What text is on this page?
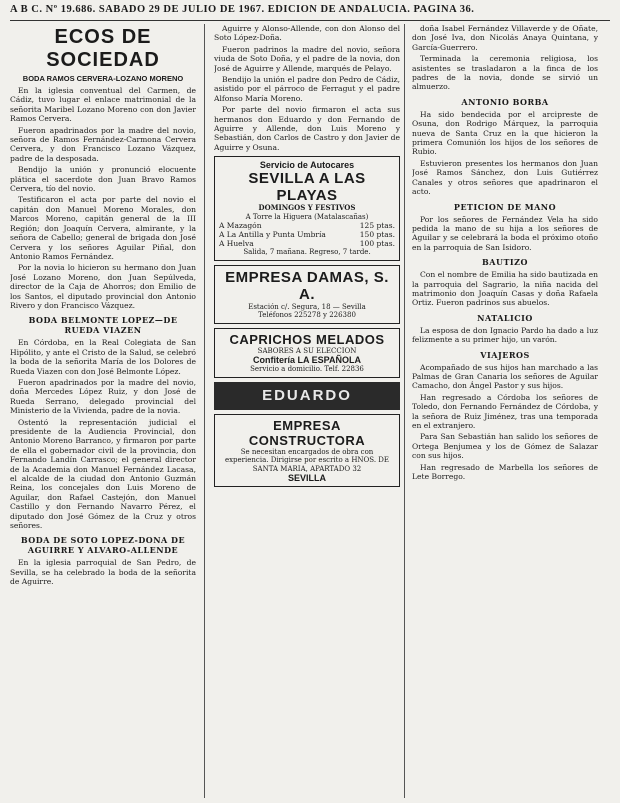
A B C. Nº 19.686. SABADO 29 DE JULIO DE 1967. EDICION DE ANDALUCIA. PAGINA 36.
ECOS DE SOCIEDAD
BODA RAMOS CERVERA-LOZANO MORENO

En la iglesia conventual del Carmen, de Cádiz, tuvo lugar el enlace matrimonial de la señorita Maribel Lozano Moreno con don Javier Ramos Cervera.

Fueron apadrinados por la madre del novio, señora de Ramos Fernández-Carmona Cervera Cervera, y don Francisco Lozano Vázquez, padre de la desposada.

Bendijo la unión y pronunció elocuente plática el sacerdote don Juan Bravo Ramos Cervera, tío del novio.

Testificaron el acta por parte del novio el capitán don Manuel Moreno Morales, don Marcos Moreno, capitán general de la III Región; don Joaquín Cervera, almirante, y la señora de Cabello; general de brigada don José Cervera y los señores Aguilar Piñal, don Antonio Ramos Fernández.

Por la novia lo hicieron su hermano don Juan José Lozano Moreno, don Juan Sepúlveda, director de la Caja de Ahorros; don Emilio de los Santos, el diputado provincial don Antonio Rivero y don Francisco Vázquez.

BODA BELMONTE LOPEZ—DE RUEDA VIAZEN

En Córdoba, en la Real Colegiata de San Hipólito, y ante el Cristo de la Salud, se celebró la boda de la señorita María de los Dolores de Rueda Viazen con don José Belmonte López.

Fueron apadrinados por la madre del novio, doña Mercedes López Ruiz, y don José de Rueda Serrano, delegado provincial del Ministerio de la Vivienda, padre de la novia.

Ostentó la representación judicial el presidente de la Audiencia Provincial, don Antonio Moreno Barranco, y firmaron por parte de ella el gobernador civil de la provincia, don Fernando Landín Carrasco; el general director de la Academia don Manuel Fernández Lacasa, el alcalde de la ciudad don Antonio Guzmán Reina, los concejales don Luis Moreno de Aguilar, don Rafael Castejón, don Manuel Castillo y don Fernando Navarro Pérez, el diputado don José Gómez de la Cruz y otros señores.

BODA DE SOTO LOPEZ-DONA DE AGUIRRE Y ALVARO-ALLENDE

En la iglesia parroquial de San Pedro, de Sevilla, se ha celebrado la boda de la señorita de Aguirre.

Aguirre y Alonso-Allende, con don Alonso del Soto López-Doña.

Fueron padrinos la madre del novio, señora viuda de Soto Doña, y el padre de la novia, don José de Aguirre y Allende, marqués de Pelayo.

Bendijo la unión el padre don Pedro de Cádiz, asistido por el párroco de Ferragut y el padre Alfonso María Moreno.

Por parte del novio firmaron el acta sus hermanos don Eduardo y don Fernando de Aguirre y Allende, don Luis Moreno y Sebastián, don Carlos de Castro y don Javier de Aguirre y Osuna.

Servicio de Autocares
SEVILLA A LAS PLAYAS
DOMINGOS Y FESTIVOS
A Torre la Higuera (Matalascañas)
A Mazagón	125 ptas.
A La Antilla y Punta Umbría	150 ptas.
A Huelva	100 ptas.
Salida, 7 mañana. Regreso, 7 tarde.
EMPRESA DAMAS, S. A.
Estación c/. Segura, 18 — Sevilla
Teléfonos 225278 y 226380
CAPRICHOS MELADOS
SABORES A SU ELECCION
Confitería LA ESPAÑOLA
Servicio a domicilio. Telf. 22836
EDUARDO
EMPRESA CONSTRUCTORA
Se necesitan encargados de obra con experiencia. Dirigirse por escrito a HNOS. DE SANTA MARIA, APARTADO 32
SEVILLA

doña Isabel Fernández Villaverde y de Oñate, don José Iva, don Nicolás Anaya Quintana, y García-Guerrero.

Terminada la ceremonia religiosa, los asistentes se trasladaron a la finca de los padres de la novia, donde se sirvió un almuerzo.

ANTONIO BORBA

Ha sido bendecida por el arcipreste de Osuna, don Rodrigo Márquez, la parroquia nueva de Santa Cruz en la que hicieron la primera Comunión los hijos de los señores de Rubio.

Estuvieron presentes los hermanos don Juan José Ramos Sánchez, don Luis Gutiérrez Canales y otros señores que apadrinaron el acto.

PETICION DE MANO

Por los señores de Fernández Vela ha sido pedida la mano de su hija a los señores de Aguilar y se celebrará la boda el próximo otoño en la parroquia de San Isidoro.

BAUTIZO

Con el nombre de Emilia ha sido bautizada en la parroquia del Sagrario, la niña nacida del matrimonio don Joaquín Casas y doña Rafaela Ortiz. Fueron padrinos sus abuelos.

NATALICIO

La esposa de don Ignacio Pardo ha dado a luz felizmente a su primer hijo, un varón.

VIAJEROS

Acompañado de sus hijos han marchado a las Palmas de Gran Canaria los señores de Aguilar Camacho, don Ángel Pastor y sus hijos.

Han regresado a Córdoba los señores de Toledo, don Fernando Fernández de Córdoba, y la señora de Ruiz Jiménez, tras una temporada en el extranjero.

Para San Sebastián han salido los señores de Ortega Benjumea y los de Gómez de Salazar con sus hijos.

Han regresado de Marbella los señores de Lete Borrego.
